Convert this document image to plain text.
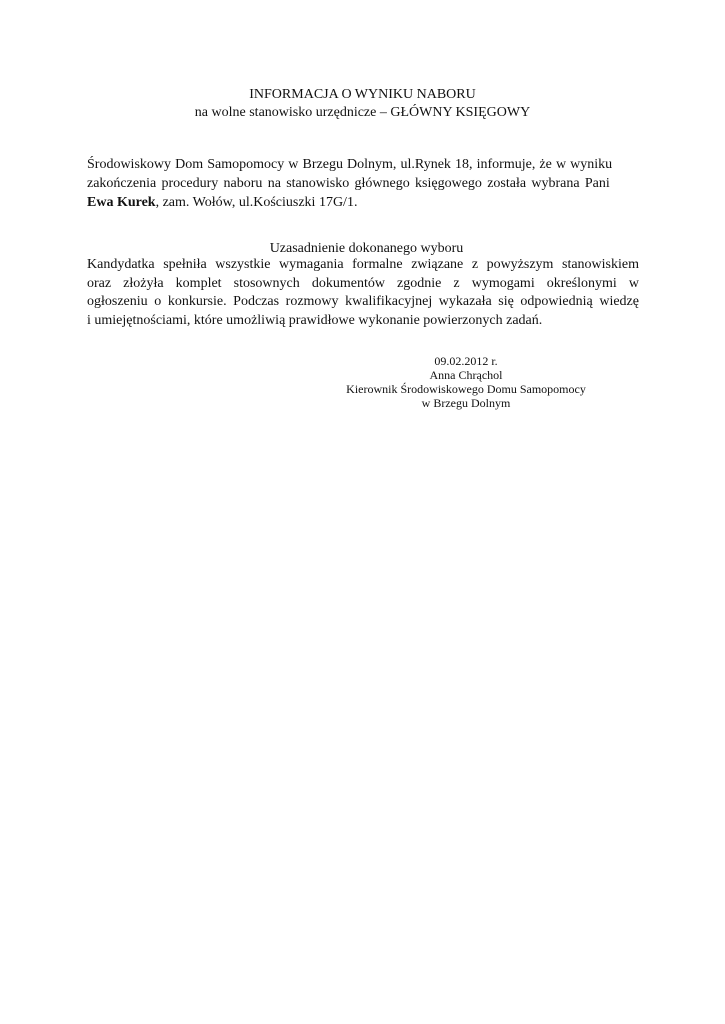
INFORMACJA O WYNIKU NABORU
na wolne stanowisko urzędnicze – GŁÓWNY KSIĘGOWY
Środowiskowy Dom Samopomocy w Brzegu Dolnym, ul.Rynek 18, informuje, że w wyniku
zakończenia procedury naboru na stanowisko głównego księgowego została wybrana Pani
Ewa Kurek, zam. Wołów, ul.Kościuszki 17G/1.
Uzasadnienie dokonanego wyboru
Kandydatka spełniła wszystkie wymagania formalne związane z powyższym stanowiskiem
oraz złożyła komplet stosownych dokumentów zgodnie z wymogami określonymi w
ogłoszeniu o konkursie. Podczas rozmowy kwalifikacyjnej wykazała się odpowiednią wiedzę
i umiejętnościami, które umożliwią prawidłowe wykonanie powierzonych zadań.
09.02.2012 r.
Anna Chrąchol
Kierownik Środowiskowego Domu Samopomocy
w Brzegu Dolnym
